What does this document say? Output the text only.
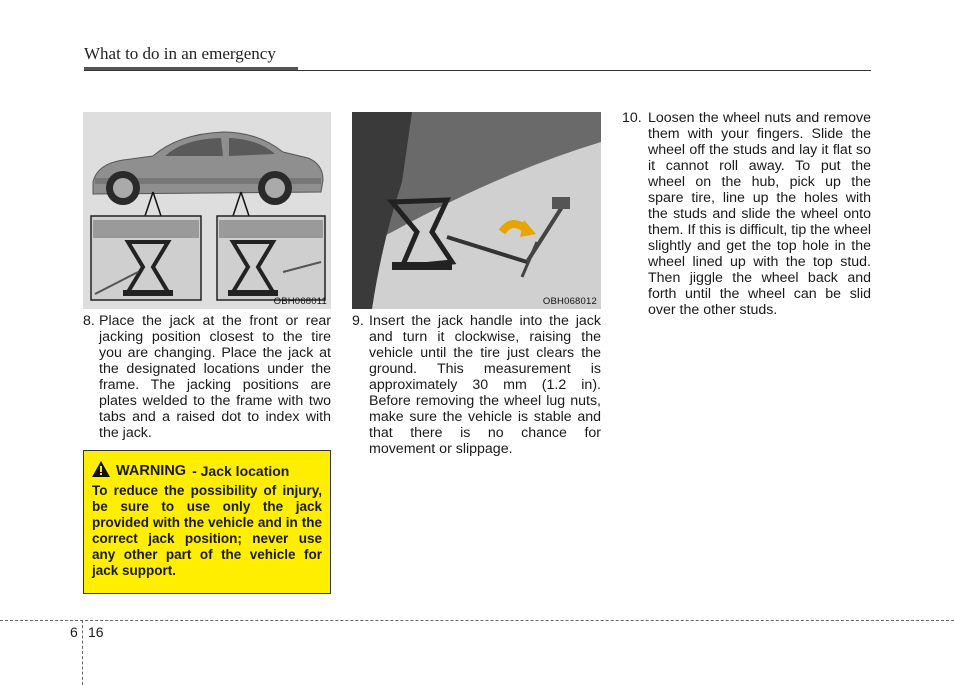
What to do in an emergency
OBH068011	OBH068012
8. Place the jack at the front or rear jacking position closest to the tire you are changing. Place the jack at the designated locations under the frame. The jacking positions are plates welded to the frame with two tabs and a raised dot to index with the jack.
WARNING - Jack location
To reduce the possibility of injury, be sure to use only the jack provided with the vehicle and in the correct jack position; never use any other part of the vehicle for jack support.
9. Insert the jack handle into the jack and turn it clockwise, raising the vehicle until the tire just clears the ground. This measurement is approximately 30 mm (1.2 in). Before removing the wheel lug nuts, make sure the vehicle is stable and that there is no chance for movement or slippage.
10. Loosen the wheel nuts and remove them with your fingers. Slide the wheel off the studs and lay it flat so it cannot roll away. To put the wheel on the hub, pick up the spare tire, line up the holes with the studs and slide the wheel onto them. If this is difficult, tip the wheel slightly and get the top hole in the wheel lined up with the top stud. Then jiggle the wheel back and forth until the wheel can be slid over the other studs.
6 16
